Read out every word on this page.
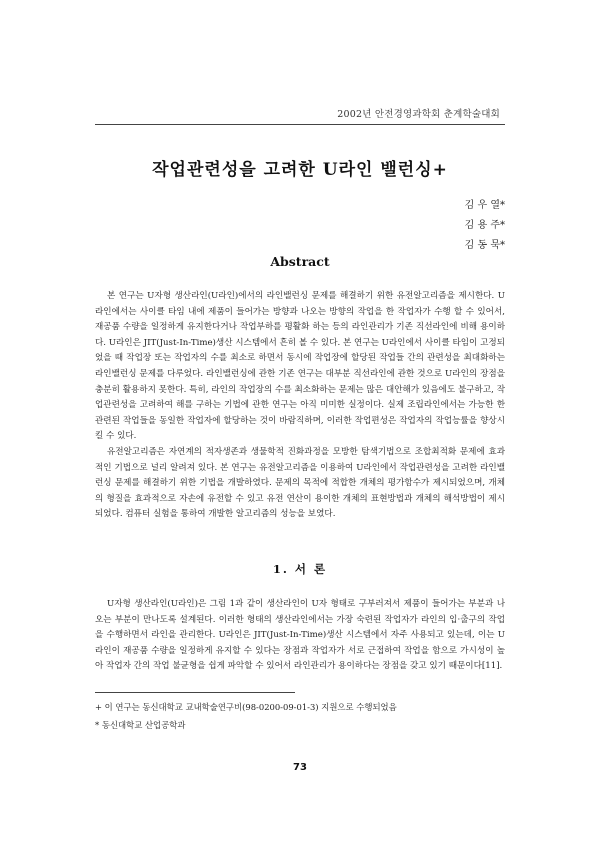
2002년 안전경영과학회 춘계학술대회
작업관련성을 고려한 U라인 밸런싱+
김 우 열*
김 용 주*
김 동 묵*
Abstract

본 연구는 U자형 생산라인(U라인)에서의 라인밸런싱 문제를 해결하기 위한 유전알고리즘을 제시한다. U라인에서는 사이클 타임 내에 제품이 들어가는 방향과 나오는 방향의 작업을 한 작업자가 수행 할 수 있어서, 재공품 수량을 일정하게 유지한다거나 작업부하를 평활화 하는 등의 라인관리가 기존 직선라인에 비해 용이하다. U라인은 JIT(Just-In-Time)생산 시스템에서 흔히 볼 수 있다. 본 연구는 U라인에서 사이클 타임이 고정되었을 때 작업장 또는 작업자의 수를 최소로 하면서 동시에 작업장에 할당된 작업들 간의 관련성을 최대화하는 라인밸런싱 문제를 다루었다. 라인밸런싱에 관한 기존 연구는 대부분 직선라인에 관한 것으로 U라인의 장점을 충분히 활용하지 못한다. 특히, 라인의 작업장의 수를 최소화하는 문제는 많은 대안해가 있음에도 불구하고, 작업관련성을 고려하여 해를 구하는 기법에 관한 연구는 아직 미미한 실정이다. 실제 조립라인에서는 가능한 한 관련된 작업들을 동일한 작업자에 할당하는 것이 바람직하며, 이러한 작업편성은 작업자의 작업능률을 향상시킬 수 있다.

유전알고리즘은 자연계의 적자생존과 생물학적 진화과정을 모방한 탐색기법으로 조합최적화 문제에 효과적인 기법으로 널리 알려져 있다. 본 연구는 유전알고리즘을 이용하여 U라인에서 작업관련성을 고려한 라인밸런싱 문제를 해결하기 위한 기법을 개발하였다. 문제의 목적에 적합한 개체의 평가함수가 제시되었으며, 개체의 형질을 효과적으로 자손에 유전할 수 있고 유전 연산이 용이한 개체의 표현방법과 개체의 해석방법이 제시되었다. 컴퓨터 실험을 통하여 개발한 알고리즘의 성능을 보였다.

1. 서 론

U자형 생산라인(U라인)은 그림 1과 같이 생산라인이 U자 형태로 구부러져서 제품이 들어가는 부분과 나오는 부분이 만나도록 설계된다. 이러한 형태의 생산라인에서는 가장 숙련된 작업자가 라인의 입·출구의 작업을 수행하면서 라인을 관리한다. U라인은 JIT(Just-In-Time)생산 시스템에서 자주 사용되고 있는데, 이는 U라인이 재공품 수량을 일정하게 유지할 수 있다는 장점과 작업자가 서로 근접하여 작업을 함으로 가시성이 높아 작업자 간의 작업 불균형을 쉽게 파악할 수 있어서 라인관리가 용이하다는 장점을 갖고 있기 때문이다[11].

+ 이 연구는 동신대학교 교내학술연구비(98-0200-09-01-3) 지원으로 수행되었음
* 동신대학교 산업공학과
73
